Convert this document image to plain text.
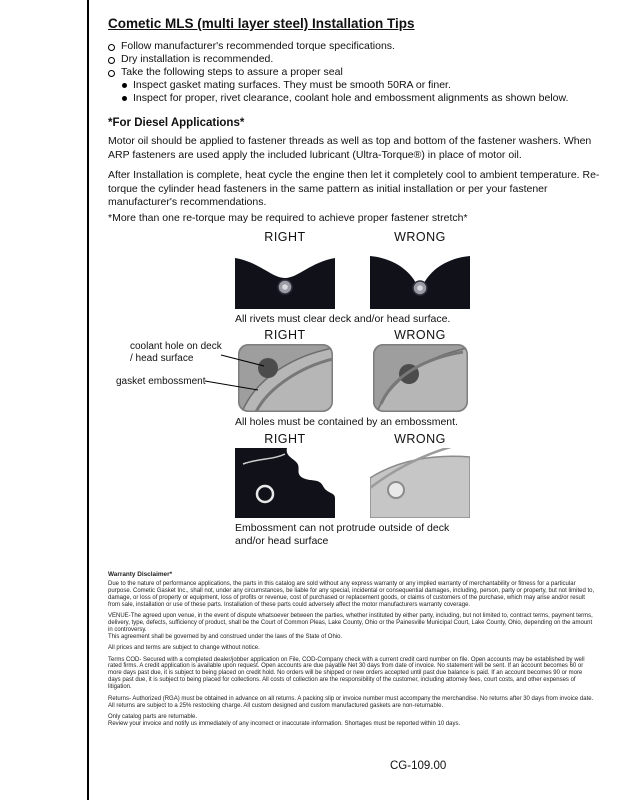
Cometic MLS (multi layer steel) Installation Tips
Follow manufacturer's recommended torque specifications.
Dry installation is recommended.
Take the following steps to assure a proper seal
Inspect gasket mating surfaces. They must be smooth 50RA or finer.
Inspect for proper, rivet clearance, coolant hole and embossment alignments as shown below.
*For Diesel Applications*
Motor oil should be applied to fastener threads as well as top and bottom of the fastener washers. When ARP fasteners are used apply the included lubricant (Ultra-Torque®) in place of motor oil.
After Installation is complete, heat cycle the engine then let it completely cool to ambient temperature. Re-torque the cylinder head fasteners in the same pattern as initial installation or per your fastener manufacturer's recommendations.
*More than one re-torque may be required to achieve proper fastener stretch*
RIGHT	WRONG
All rivets must clear deck and/or head surface.
RIGHT	WRONG
coolant hole on deck / head surface
gasket embossment
All holes must be contained by an embossment.
RIGHT	WRONG
Embossment can not protrude outside of deck and/or head surface
Warranty Disclaimer*

Due to the nature of performance applications, the parts in this catalog are sold without any express warranty or any implied warranty of merchantability or fitness for a particular purpose. Cometic Gasket Inc., shall not, under any circumstances, be liable for any special, incidental or consequential damages, including, person, party or property, but not limited to, damage, or loss of property or equipment, loss of profits or revenue, cost of purchased or replacement goods, or claims of customers of the purchase, which may arise and/or result from sale, installation or use of these parts. Installation of these parts could adversely affect the motor manufacturers warranty coverage.

VENUE-The agreed upon venue, in the event of dispute whatsoever between the parties, whether instituted by either party, including, but not limited to, contract terms, payment terms, delivery, type, defects, sufficiency of product, shall be the Court of Common Pleas, Lake County, Ohio or the Painesville Municipal Court, Lake County, Ohio, depending on the amount in controversy.

This agreement shall be governed by and construed under the laws of the State of Ohio.

All prices and terms are subject to change without notice.

Terms COD- Secured with a completed dealer/jobber application on File, COD-Company check with a current credit card number on file. Open accounts may be established by well rated firms. A credit application is available upon request. Open accounts are due payable Net 30 days from date of invoice. No statement will be sent. If an account becomes 60 or more days past due, it is subject to being placed on credit hold. No orders will be shipped or new orders accepted until past due balance is paid. If an account becomes 90 or more days past due, it is subject to being placed for collections. All costs of collection are the responsibility of the customer, including attorney fees, court costs, and other expenses of litigation.

Returns- Authorized (RGA) must be obtained in advance on all returns. A packing slip or invoice number must accompany the merchandise. No returns after 30 days from invoice date. All returns are subject to a 25% restocking charge. All custom designed and custom manufactured gaskets are non-returnable.

Only catalog parts are returnable.

Review your invoice and notify us immediately of any incorrect or inaccurate information. Shortages must be reported within 10 days.

CG-109.00
